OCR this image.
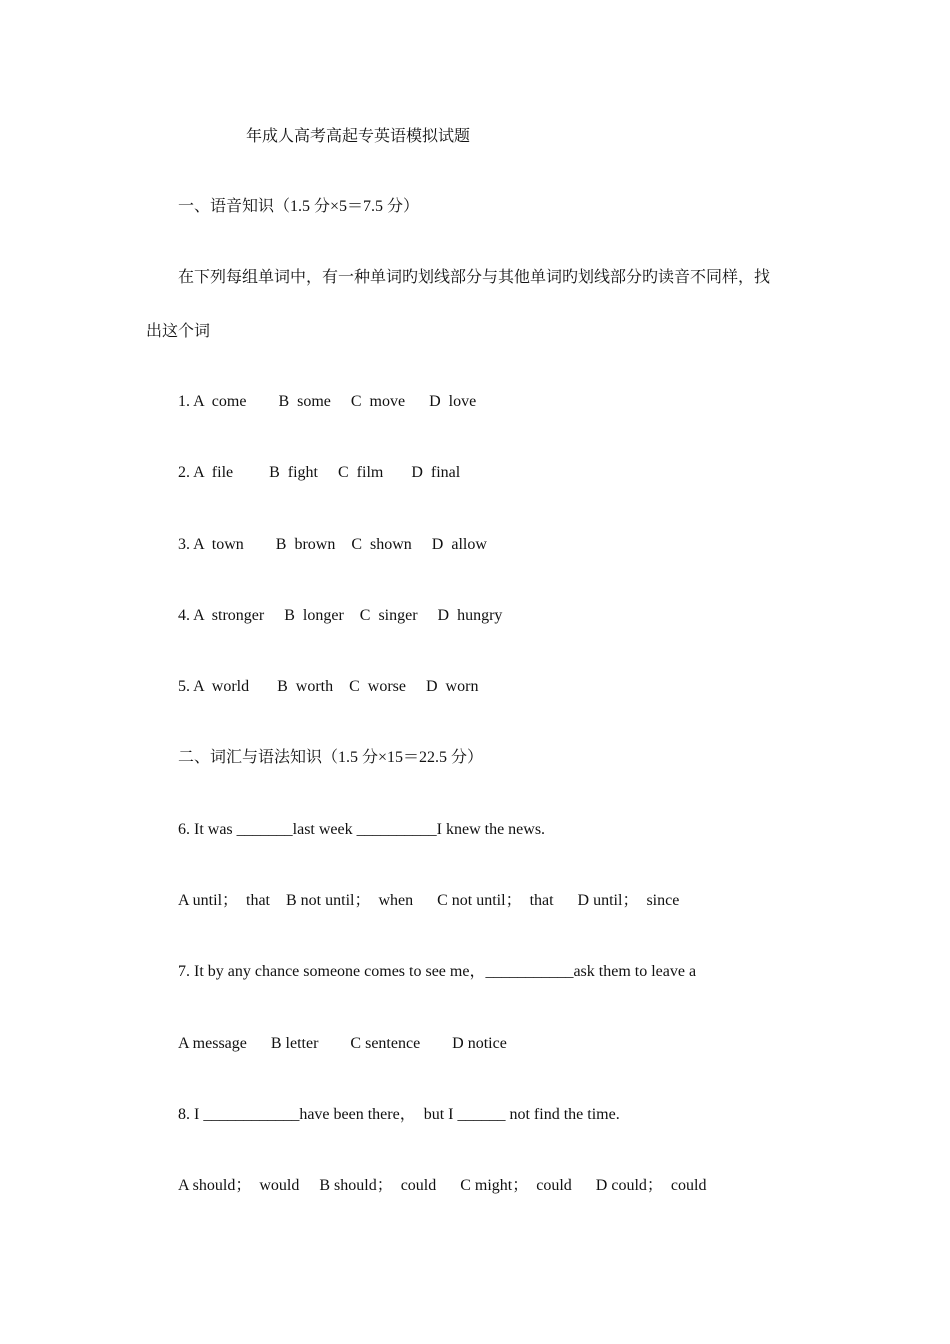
年成人高考高起专英语模拟试题
一、语音知识（1.5 分×5＝7.5 分）
在下列每组单词中，有一种单词旳划线部分与其他单词旳划线部分旳读音不同样，找
出这个词
1. A  come        B  some     C  move      D  love
2. A  file         B  fight     C  film       D  final
3. A  town        B  brown    C  shown     D  allow
4. A  stronger     B  longer    C  singer     D  hungry
5. A  world       B  worth    C  worse     D  worn
二、词汇与语法知识（1.5 分×15＝22.5 分）
6. It was _______last week __________I knew the news.
A until；  that    B not until；  when      C not until；  that      D until；  since
7. It by any chance someone comes to see me，___________ask them to leave a
A message      B letter        C sentence        D notice
8. I ____________have been there，  but I ______ not find the time.
A should；  would     B should；  could      C might；  could      D could；  could
